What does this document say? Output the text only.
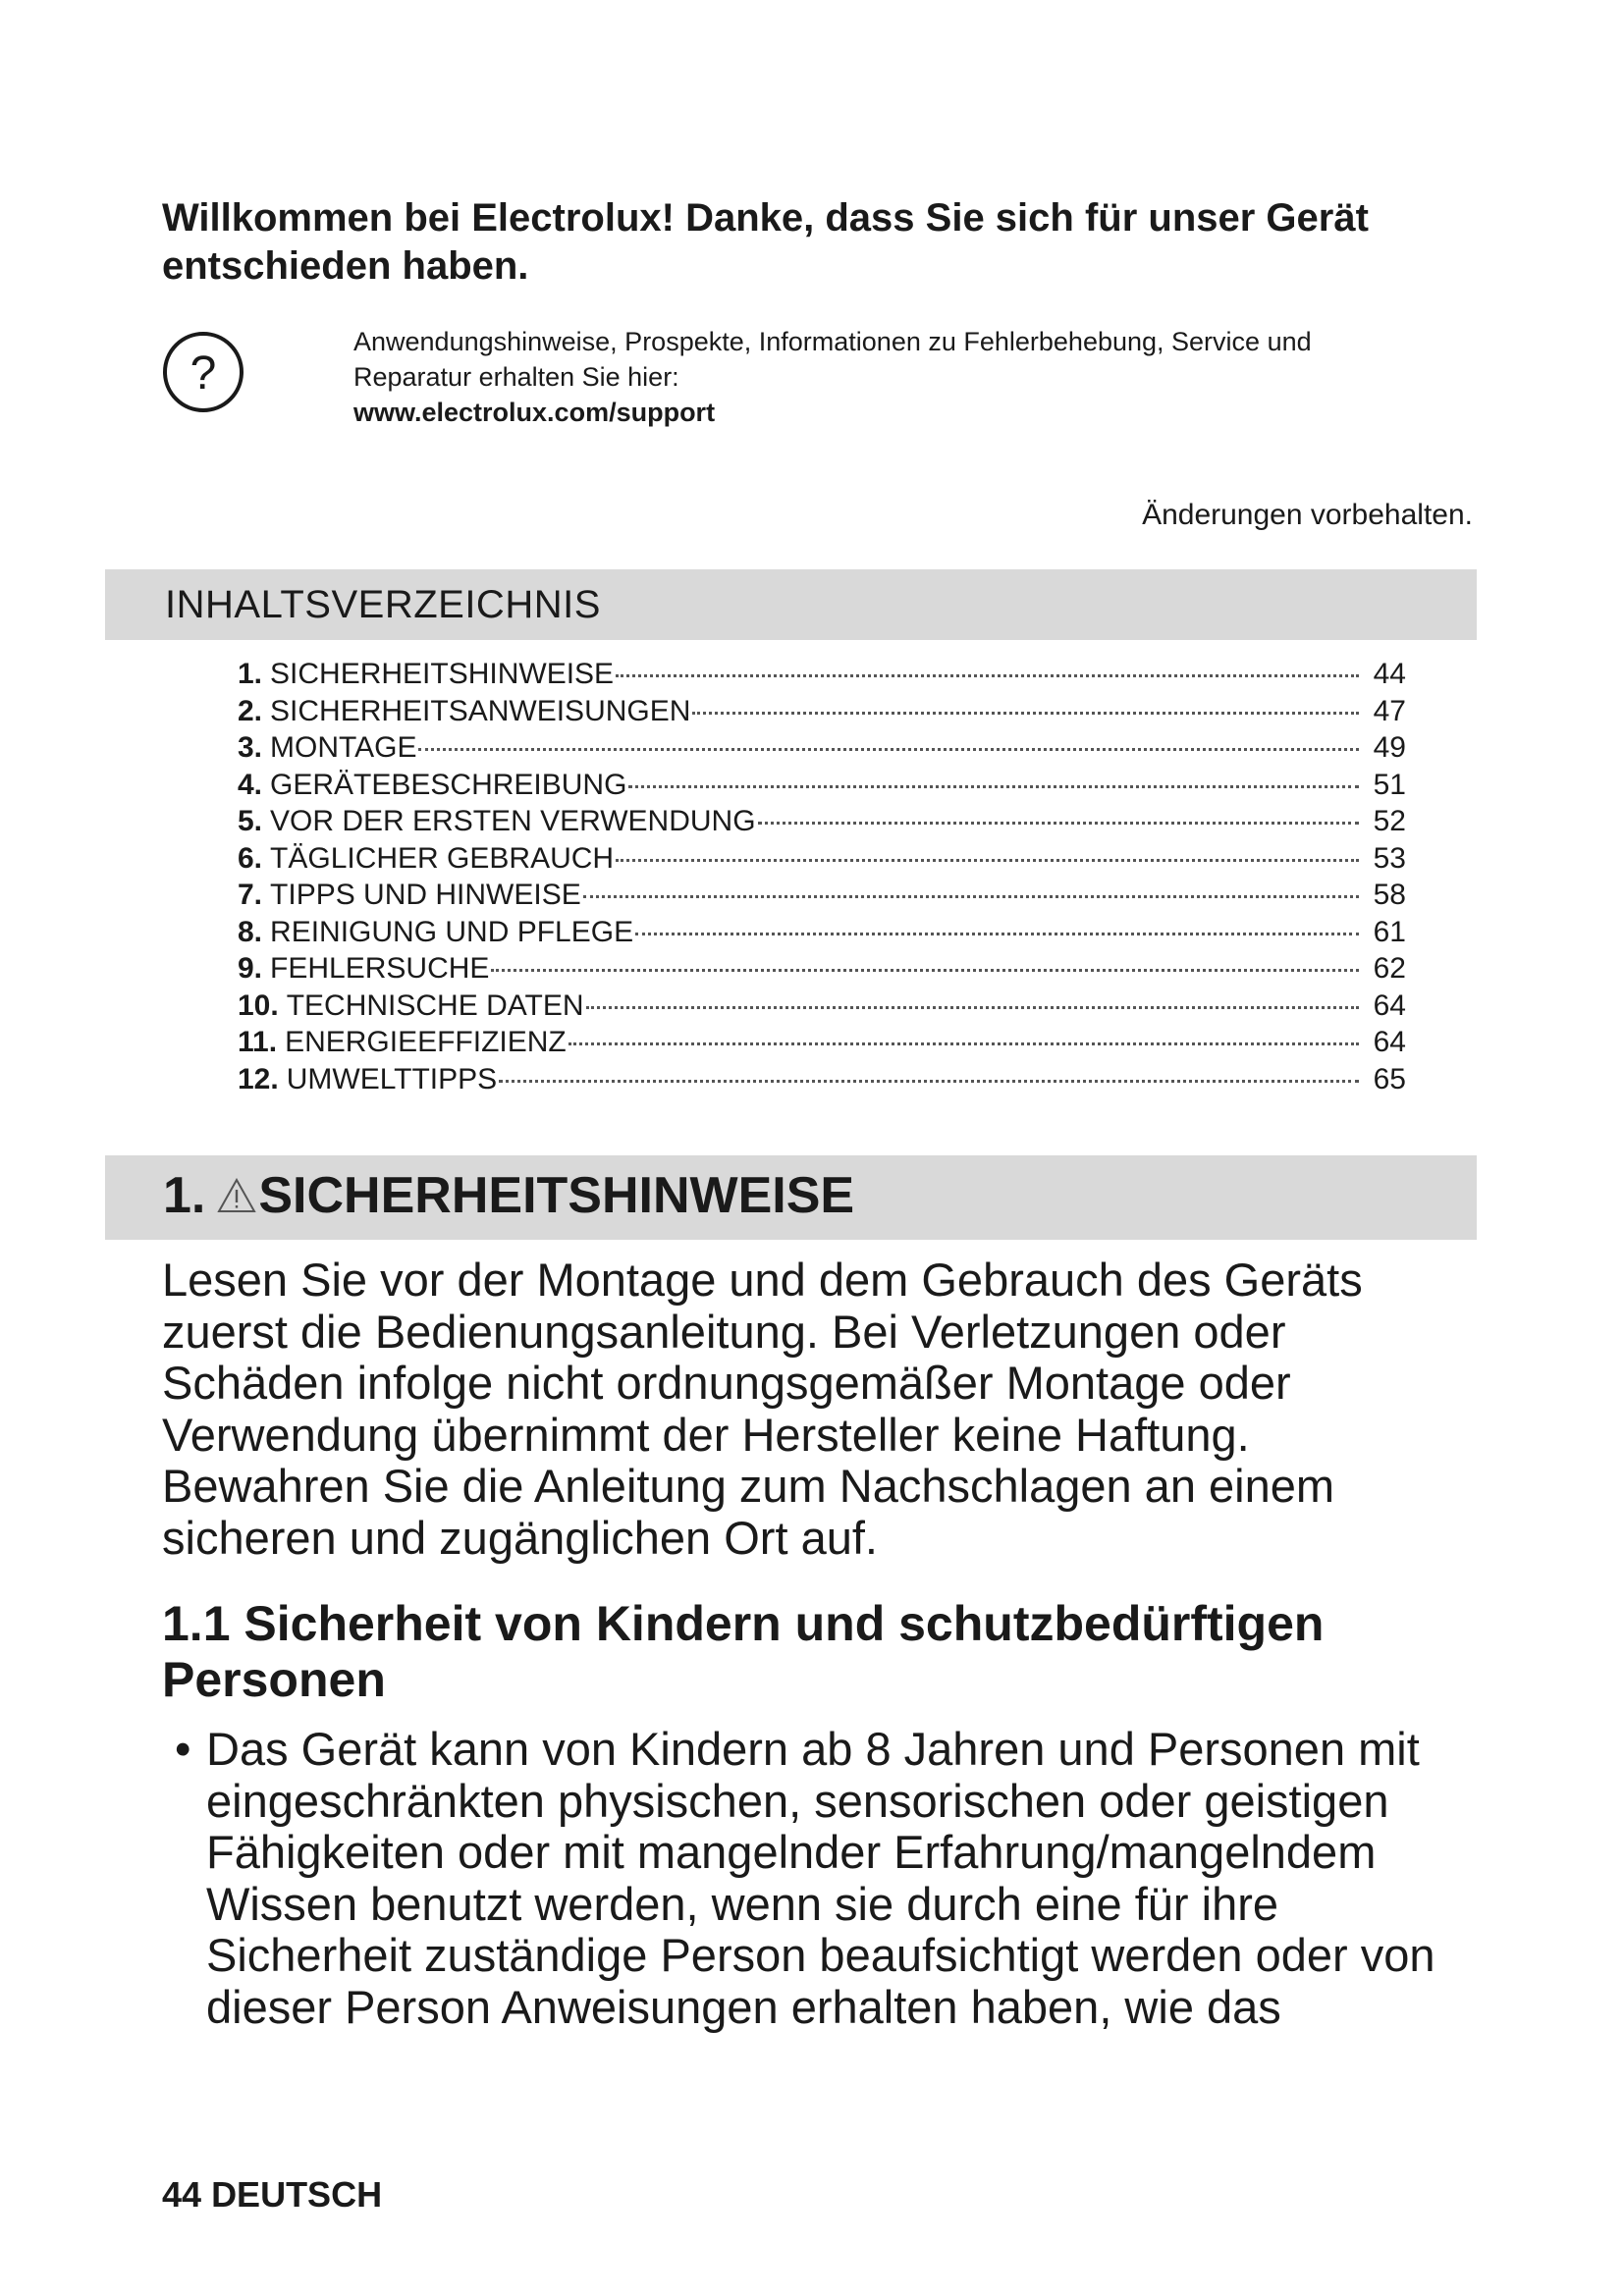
Willkommen bei Electrolux! Danke, dass Sie sich für unser Gerät entschieden haben.
?
Anwendungshinweise, Prospekte, Informationen zu Fehlerbehebung, Service und
Reparatur erhalten Sie hier:
www.electrolux.com/support
Änderungen vorbehalten.
INHALTSVERZEICHNIS
1. SICHERHEITSHINWEISE	44
2. SICHERHEITSANWEISUNGEN	47
3. MONTAGE	49
4. GERÄTEBESCHREIBUNG	51
5. VOR DER ERSTEN VERWENDUNG	52
6. TÄGLICHER GEBRAUCH	53
7. TIPPS UND HINWEISE	58
8. REINIGUNG UND PFLEGE	61
9. FEHLERSUCHE	62
10. TECHNISCHE DATEN	64
11. ENERGIEEFFIZIENZ	64
12. UMWELTTIPPS	65
1. SICHERHEITSHINWEISE

Lesen Sie vor der Montage und dem Gebrauch des Geräts zuerst die Bedienungsanleitung. Bei Verletzungen oder Schäden infolge nicht ordnungsgemäßer Montage oder Verwendung übernimmt der Hersteller keine Haftung. Bewahren Sie die Anleitung zum Nachschlagen an einem sicheren und zugänglichen Ort auf.

1.1 Sicherheit von Kindern und schutzbedürftigen Personen
• Das Gerät kann von Kindern ab 8 Jahren und Personen mit eingeschränkten physischen, sensorischen oder geistigen Fähigkeiten oder mit mangelnder Erfahrung/mangelndem Wissen benutzt werden, wenn sie durch eine für ihre Sicherheit zuständige Person beaufsichtigt werden oder von dieser Person Anweisungen erhalten haben, wie das
44 DEUTSCH
